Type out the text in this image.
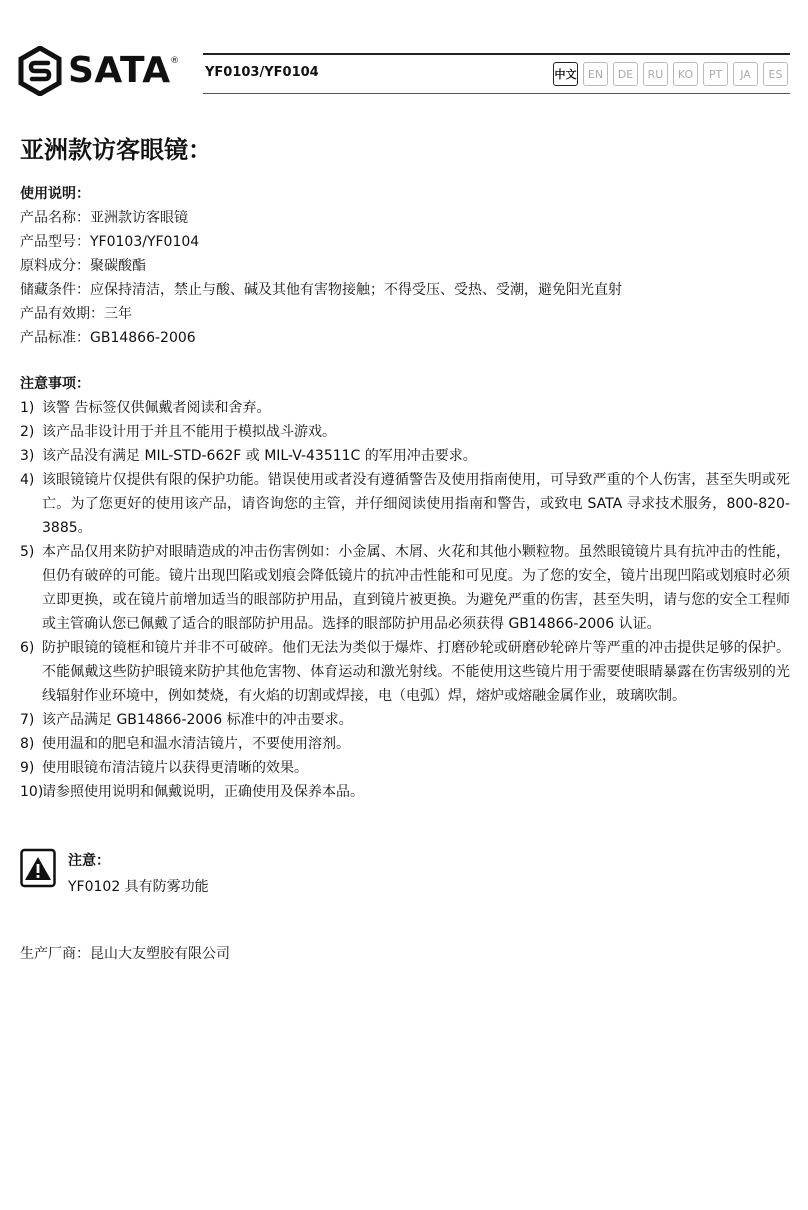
SATA ®
YF0103/YF0104	中文	EN	DE	RU	KO	PT	JA	ES
亚洲款访客眼镜：
使用说明：
产品名称：亚洲款访客眼镜
产品型号：YF0103/YF0104
原料成分：聚碳酸酯
储藏条件：应保持清洁，禁止与酸、碱及其他有害物接触；不得受压、受热、受潮，避免阳光直射
产品有效期：三年
产品标准：GB14866-2006
注意事项：
1) 该警 告标签仅供佩戴者阅读和舍弃。
2) 该产品非设计用于并且不能用于模拟战斗游戏。
3) 该产品没有满足 MIL-STD-662F 或 MIL-V-43511C 的军用冲击要求。
4) 该眼镜镜片仅提供有限的保护功能。错误使用或者没有遵循警告及使用指南使用，可导致严重的个人伤害，甚至失明或死亡。为了您更好的使用该产品，请咨询您的主管，并仔细阅读使用指南和警告，或致电 SATA 寻求技术服务，800-820-3885。
5) 本产品仅用来防护对眼睛造成的冲击伤害例如：小金属、木屑、火花和其他小颗粒物。虽然眼镜镜片具有抗冲击的性能，但仍有破碎的可能。镜片出现凹陷或划痕会降低镜片的抗冲击性能和可见度。为了您的安全，镜片出现凹陷或划痕时必须立即更换，或在镜片前增加适当的眼部防护用品，直到镜片被更换。为避免严重的伤害，甚至失明，请与您的安全工程师或主管确认您已佩戴了适合的眼部防护用品。选择的眼部防护用品必须获得 GB14866-2006 认证。
6) 防护眼镜的镜框和镜片并非不可破碎。他们无法为类似于爆炸、打磨砂轮或研磨砂轮碎片等严重的冲击提供足够的保护。不能佩戴这些防护眼镜来防护其他危害物、体育运动和激光射线。不能使用这些镜片用于需要使眼睛暴露在伤害级别的光线辐射作业环境中，例如焚烧，有火焰的切割或焊接，电（电弧）焊，熔炉或熔融金属作业，玻璃吹制。
7) 该产品满足 GB14866-2006 标准中的冲击要求。
8) 使用温和的肥皂和温水清洁镜片，不要使用溶剂。
9) 使用眼镜布清洁镜片以获得更清晰的效果。
10)
请参照使用说明和佩戴说明，正确使用及保养本品。
注意：
YF0102 具有防雾功能
生产厂商：昆山大友塑胶有限公司
